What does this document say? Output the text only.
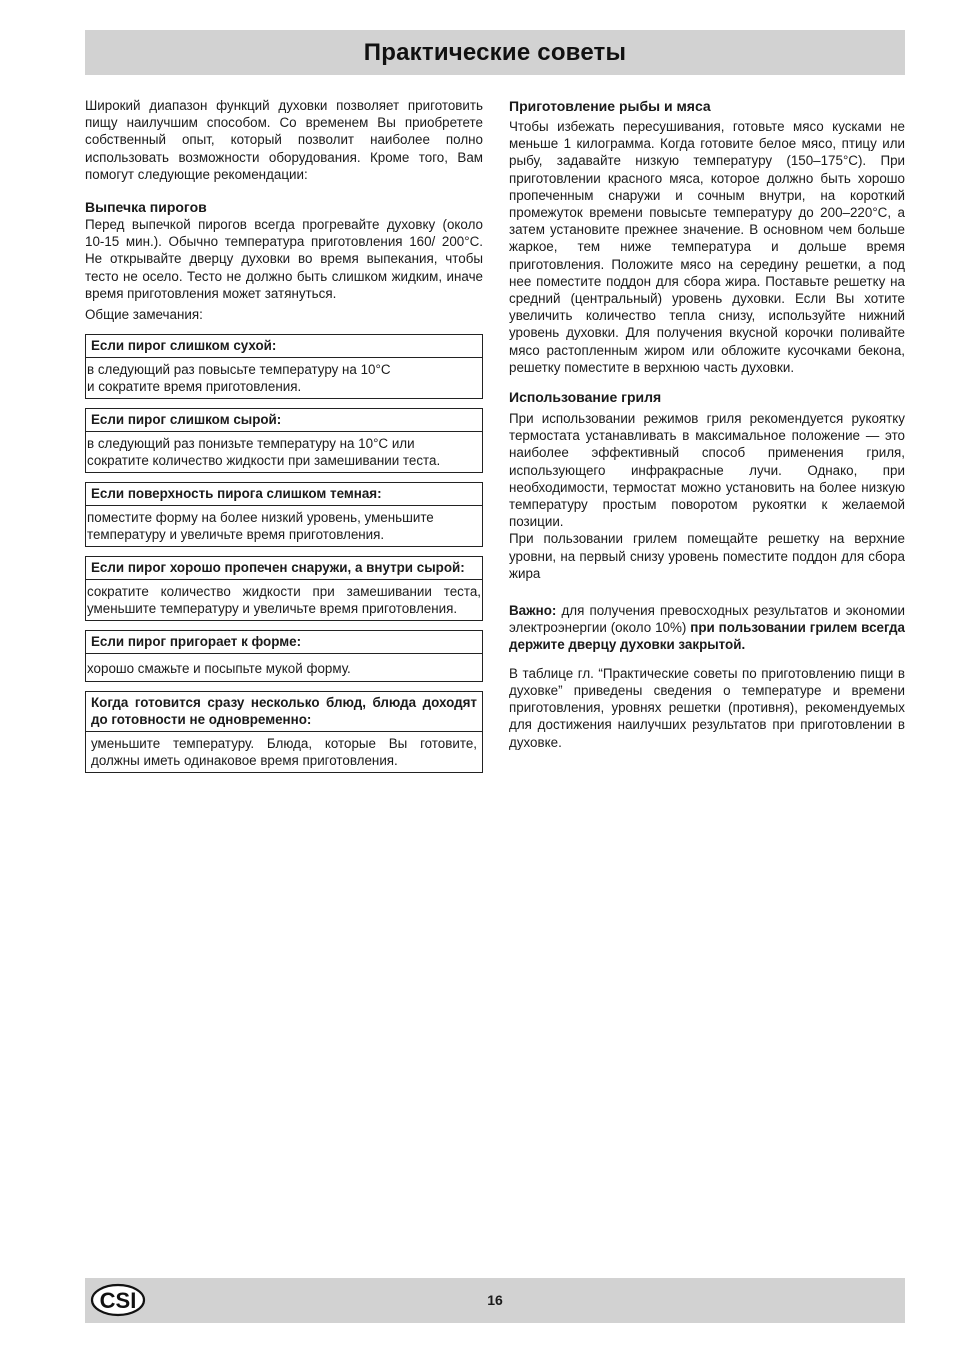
Практические советы

Широкий диапазон функций духовки позволяет приготовить пищу наилучшим способом. Со временем Вы приобретете собственный опыт, который позволит наиболее полно использовать возможности оборудования. Кроме того, Вам помогут следующие рекомендации:

Выпечка пирогов

Перед выпечкой пирогов всегда прогревайте духовку (около 10-15 мин.). Обычно температура приготовления 160/ 200°С. Не открывайте дверцу духовки во время выпекания, чтобы тесто не осело. Тесто не должно быть слишком жидким, иначе время приготовления может затянуться.

Общие замечания:

Если пирог слишком сухой:
в следующий раз повысьте температуру на 10°С
и сократите время приготовления.
Если пирог слишком сырой:
в следующий раз понизьте температуру на 10°С или
сократите количество жидкости при замешивании теста.
Если поверхность пирога слишком темная:
поместите форму на более низкий уровень, уменьшите
температуру и увеличьте время приготовления.
Если пирог хорошо пропечен снаружи, а внутри сырой:
сократите количество жидкости при замешивании теста, уменьшите температуру и увеличьте время приготовления.
Если пирог пригорает к форме:
хорошо смажьте и посыпьте мукой форму.
Когда готовится сразу несколько блюд, блюда доходят до готовности не одновременно:
уменьшите температуру. Блюда, которые Вы готовите, должны иметь одинаковое время приготовления.
Приготовление рыбы и мяса

Чтобы избежать пересушивания, готовьте мясо кусками не меньше 1 килограмма. Когда готовите белое мясо, птицу или рыбу, задавайте низкую температуру (150–175°С). При приготовлении красного мяса, которое должно быть хорошо пропеченным снаружи и сочным внутри, на короткий промежуток времени повысьте температуру до 200–220°С, а затем установите прежнее значение. В основном чем больше жаркое, тем ниже температура и дольше время приготовления. Положите мясо на середину решетки, а под нее поместите поддон для сбора жира. Поставьте решетку на средний (центральный) уровень духовки. Если Вы хотите увеличить количество тепла снизу, используйте нижний уровень духовки. Для получения вкусной корочки поливайте мясо растопленным жиром или обложите кусочками бекона, решетку поместите в верхнюю часть духовки.

Использование гриля

При использовании режимов гриля рекомендуется рукоятку термостата устанавливать в максимальное положение — это наиболее эффективный способ применения гриля, использующего инфракрасные лучи. Однако, при необходимости, термостат можно установить на более низкую температуру простым поворотом рукоятки к желаемой позиции.

При пользовании грилем помещайте решетку на верхние уровни, на первый снизу уровень поместите поддон для сбора жира

Важно: для получения превосходных результатов и экономии электроэнергии (около 10%) при пользовании грилем всегда держите дверцу духовки закрытой.

В таблице гл. “Практические советы по приготовлению пищи в духовке” приведены сведения о температуре и времени приготовления, уровнях решетки (противня), рекомендуемых для достижения наилучших результатов при приготовлении в духовке.

CSI	16
